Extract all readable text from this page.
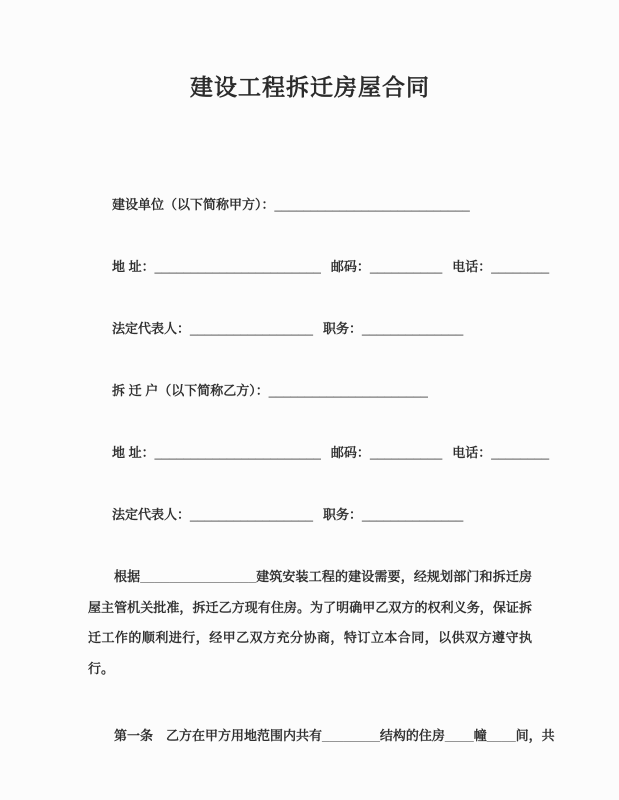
建设工程拆迁房屋合同
建设单位（以下简称甲方）：___________________________
地 址：_______________________ 邮码：__________ 电话：________
法定代表人：_________________ 职务：______________
拆 迁 户（以下简称乙方）：______________________
地 址：_______________________ 邮码：__________ 电话：________
法定代表人：_________________ 职务：______________

根据________________建筑安装工程的建设需要，经规划部门和拆迁房屋主管机关批准，拆迁乙方现有住房。为了明确甲乙双方的权利义务，保证拆迁工作的顺利进行，经甲乙双方充分协商，特订立本合同，以供双方遵守执行。

第一条　乙方在甲方用地范围内共有________结构的住房____幢____间，共
